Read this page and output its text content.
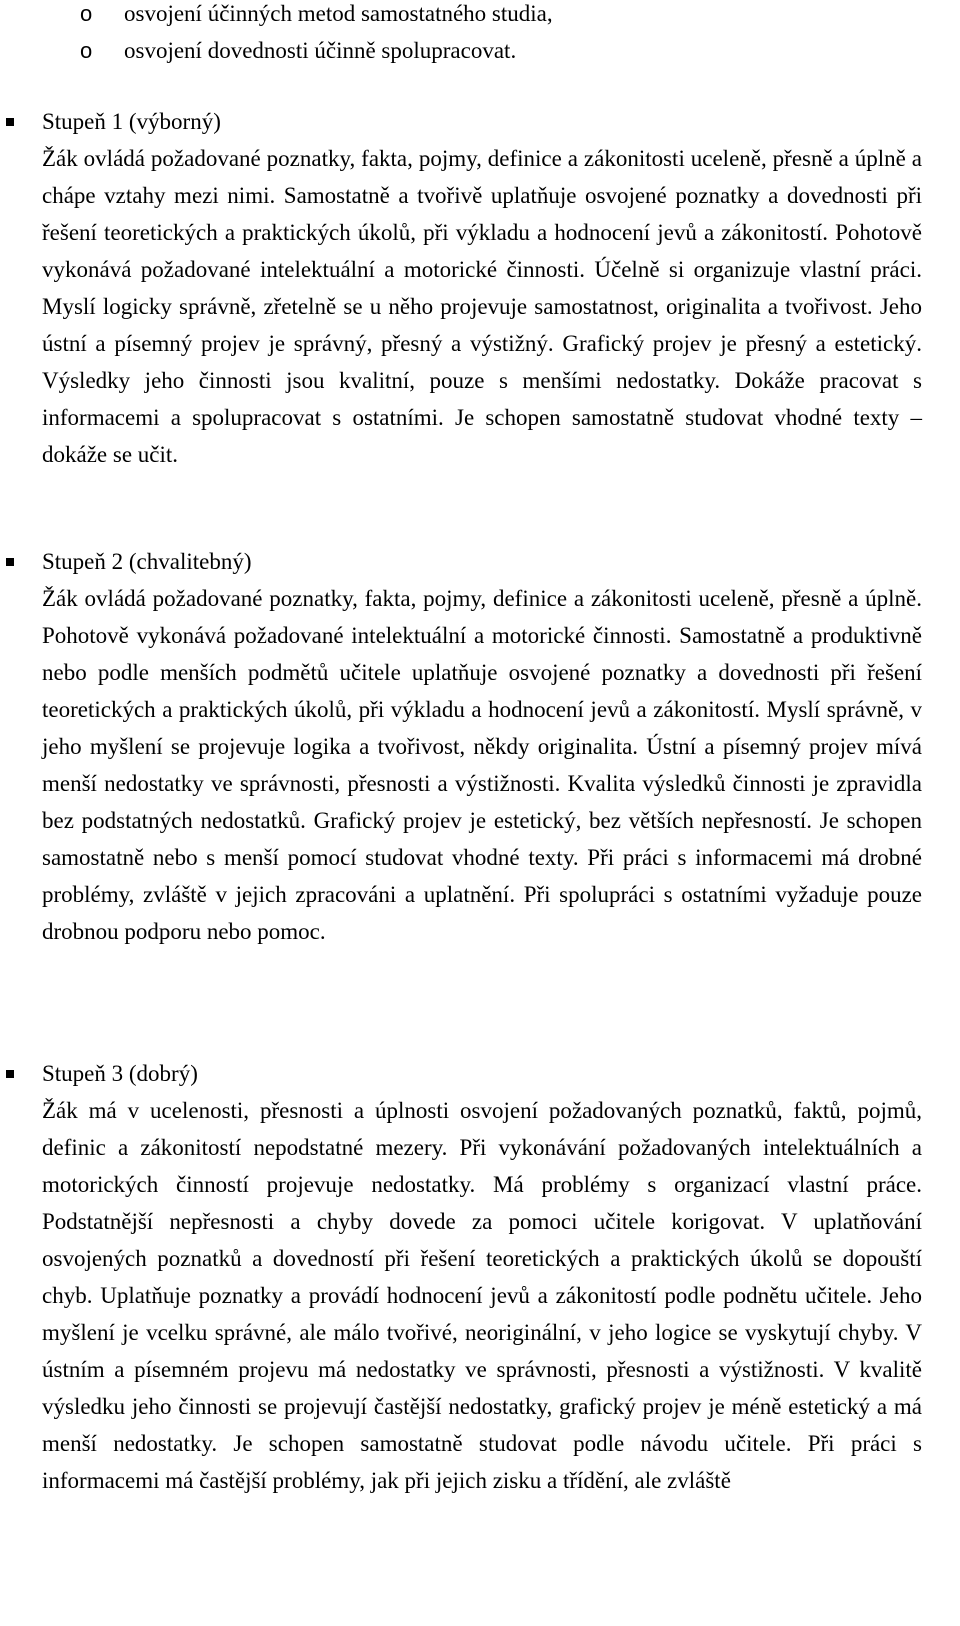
o osvojení účinných metod samostatného studia,
o osvojení dovednosti účinně spolupracovat.
Stupeň 1 (výborný)

Žák ovládá požadované poznatky, fakta, pojmy, definice a zákonitosti uceleně, přesně a úplně a chápe vztahy mezi nimi. Samostatně a tvořivě uplatňuje osvojené poznatky a dovednosti při řešení teoretických a praktických úkolů, při výkladu a hodnocení jevů a zákonitostí. Pohotově vykonává požadované intelektuální a motorické činnosti. Účelně si organizuje vlastní práci. Myslí logicky správně, zřetelně se u něho projevuje samostatnost, originalita a tvořivost. Jeho ústní a písemný projev je správný, přesný a výstižný. Grafický projev je přesný a estetický. Výsledky jeho činnosti jsou kvalitní, pouze s menšími nedostatky. Dokáže pracovat s informacemi a spolupracovat s ostatními. Je schopen samostatně studovat vhodné texty – dokáže se učit.

Stupeň 2 (chvalitebný)

Žák ovládá požadované poznatky, fakta, pojmy, definice a zákonitosti uceleně, přesně a úplně. Pohotově vykonává požadované intelektuální a motorické činnosti. Samostatně a produktivně nebo podle menších podmětů učitele uplatňuje osvojené poznatky a dovednosti při řešení teoretických a praktických úkolů, při výkladu a hodnocení jevů a zákonitostí. Myslí správně, v jeho myšlení se projevuje logika a tvořivost, někdy originalita. Ústní a písemný projev mívá menší nedostatky ve správnosti, přesnosti a výstižnosti. Kvalita výsledků činnosti je zpravidla bez podstatných nedostatků. Grafický projev je estetický, bez větších nepřesností. Je schopen samostatně nebo s menší pomocí studovat vhodné texty. Při práci s informacemi má drobné problémy, zvláště v jejich zpracováni a uplatnění. Při spolupráci s ostatními vyžaduje pouze drobnou podporu nebo pomoc.

Stupeň 3 (dobrý)

Žák má v ucelenosti, přesnosti a úplnosti osvojení požadovaných poznatků, faktů, pojmů, definic a zákonitostí nepodstatné mezery. Při vykonávání požadovaných intelektuálních a motorických činností projevuje nedostatky. Má problémy s organizací vlastní práce. Podstatnější nepřesnosti a chyby dovede za pomoci učitele korigovat. V uplatňování osvojených poznatků a dovedností při řešení teoretických a praktických úkolů se dopouští chyb. Uplatňuje poznatky a provádí hodnocení jevů a zákonitostí podle podnětu učitele. Jeho myšlení je vcelku správné, ale málo tvořivé, neoriginální, v jeho logice se vyskytují chyby. V ústním a písemném projevu má nedostatky ve správnosti, přesnosti a výstižnosti. V kvalitě výsledku jeho činnosti se projevují častější nedostatky, grafický projev je méně estetický a má menší nedostatky. Je schopen samostatně studovat podle návodu učitele. Při práci s informacemi má častější problémy, jak při jejich zisku a třídění, ale zvláště
